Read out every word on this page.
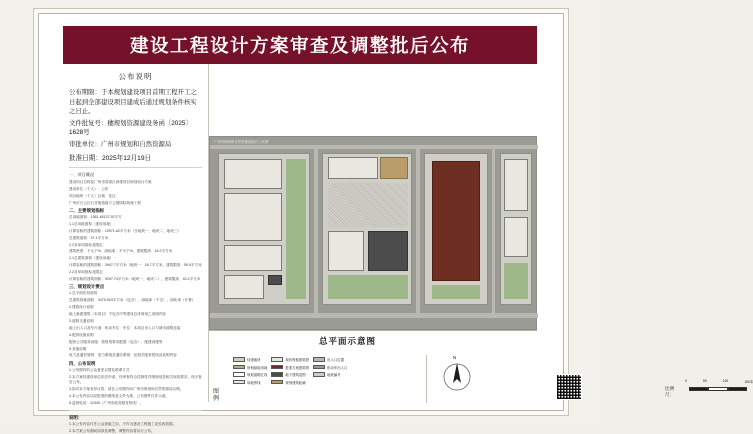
建设工程设计方案审查及调整批后公布
公布说明

公布期限：于本规划建设项目首期工程开工之日起到全部建设项目建成后通过规划条件核实之日止。

文件批复号：穗规划资源建设务函〔2025〕1628号

审批单位：广州市规划和自然资源局

批准日期：2025年12月19日

一、项目概况

建设项目名称及广州市荔湾区涉建项目规划设计方案

建设单位（个人）：公布

项目地块（个人）区域：花区

广州市白云区石井街道南方公园国际物流工程

二、主要规划指标

总用地面积：1381.48137.92平方

1.1总用地面积（建设用地）：

计算容积的建筑面积：10971.62平方米（含地块一、地块二、地块三）

总建筑面积：37.1平方米

1.2各单项指标及限定：

建筑密度：不大于%，绿地率：不小于%，建筑限高：18.2平方米

2.1总建筑面积（建设用地）：

计算容积的建筑面积：3947.7平方米（地块一：18.7平方米，建筑限高：50.9平方米

2.2各单项指标及限定：

计算容积的建筑面积：9297.74平方米（地块一、地块二），建筑限高：40.2平方米

三、规划设计要点

1.总平面布局说明

总建筑基地面积：3479.524平方米（包含）、绿地率（不含）、绿化率（计算）

2.建筑设计说明

地上新建建筑（本项目）不包含中等建设总体规划之说明内容

3.道路交通说明

地上出入口及车行道：机动车位：车位：本项目出入口与城市道路连接

4.配套设施说明

配套公共服务设施：按规划要求配置（包含）、配建设施等

5.其他说明

电力及通信管网：电力系统及通信系统：及相关配套管线及说明内容

四、公布说明

1.公布期内的公众意见反馈及联系方式

2.本方案经建设单位依法申请，经审查符合控制性详细规划及相关规范要求，现予批后公布。

3.如对本方案有异议的，请在公布期内向广州市规划和自然资源局反映。

4.本公布内容以经批准的图纸及文件为准，公布图件仅作示意。

5.监督电话：12345（广州市政务服务热线）。

说明：

1.本公布内容仅作公众查阅之用，不作为建设工程施工及验收依据。

2.本方案公布期间如涉及调整，调整内容将另行公布。

广州市规划和自然资源局批后公布图
总平面示意图
图
例
待建地块
规划绿地用地
规划道路红线
用地界线
现状保留建筑物
批准方案建筑物
地下建筑范围
规划建筑轮廓
出入口位置
机动车出入口
地块编号
N
比例尺：
0	50	100	150米
